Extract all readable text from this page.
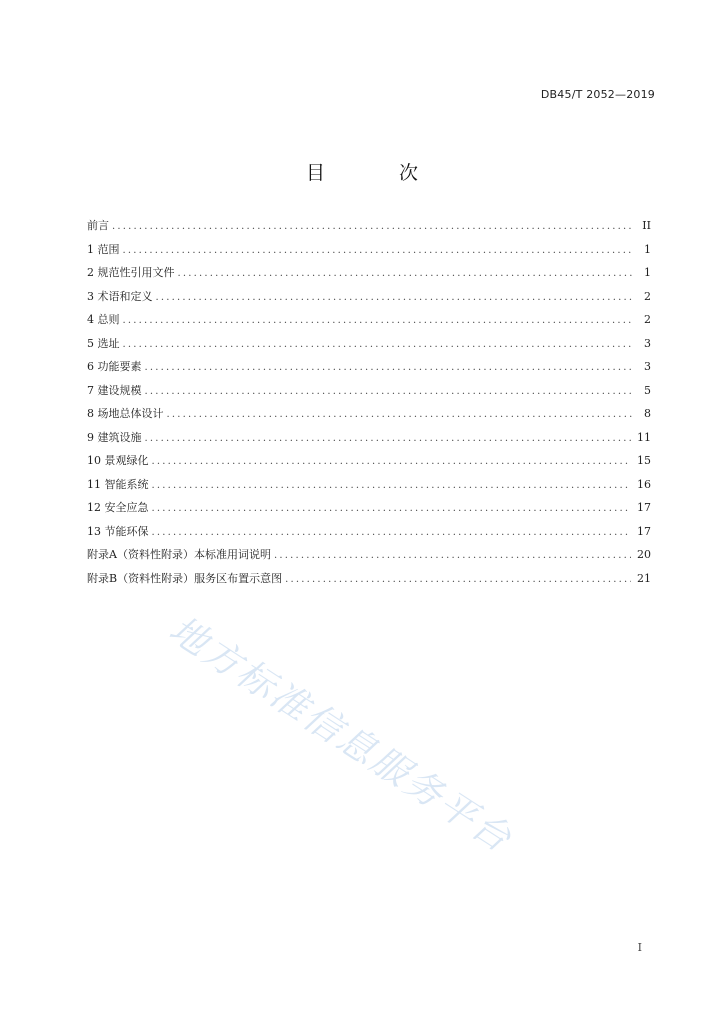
DB45/T 2052—2019
目 次
前言 .....	II
1 范围 .....	1
2 规范性引用文件 .....	1
3 术语和定义 .....	2
4 总则 .....	2
5 选址 .....	3
6 功能要素 .....	3
7 建设规模 .....	5
8 场地总体设计 .....	8
9 建筑设施 .....	11
10 景观绿化 .....	15
11 智能系统 .....	16
12 安全应急 .....	17
13 节能环保 .....	17
附录A（资料性附录）本标准用词说明 .....	20
附录B（资料性附录）服务区布置示意图 .....	21
地方标准信息服务平台
I
